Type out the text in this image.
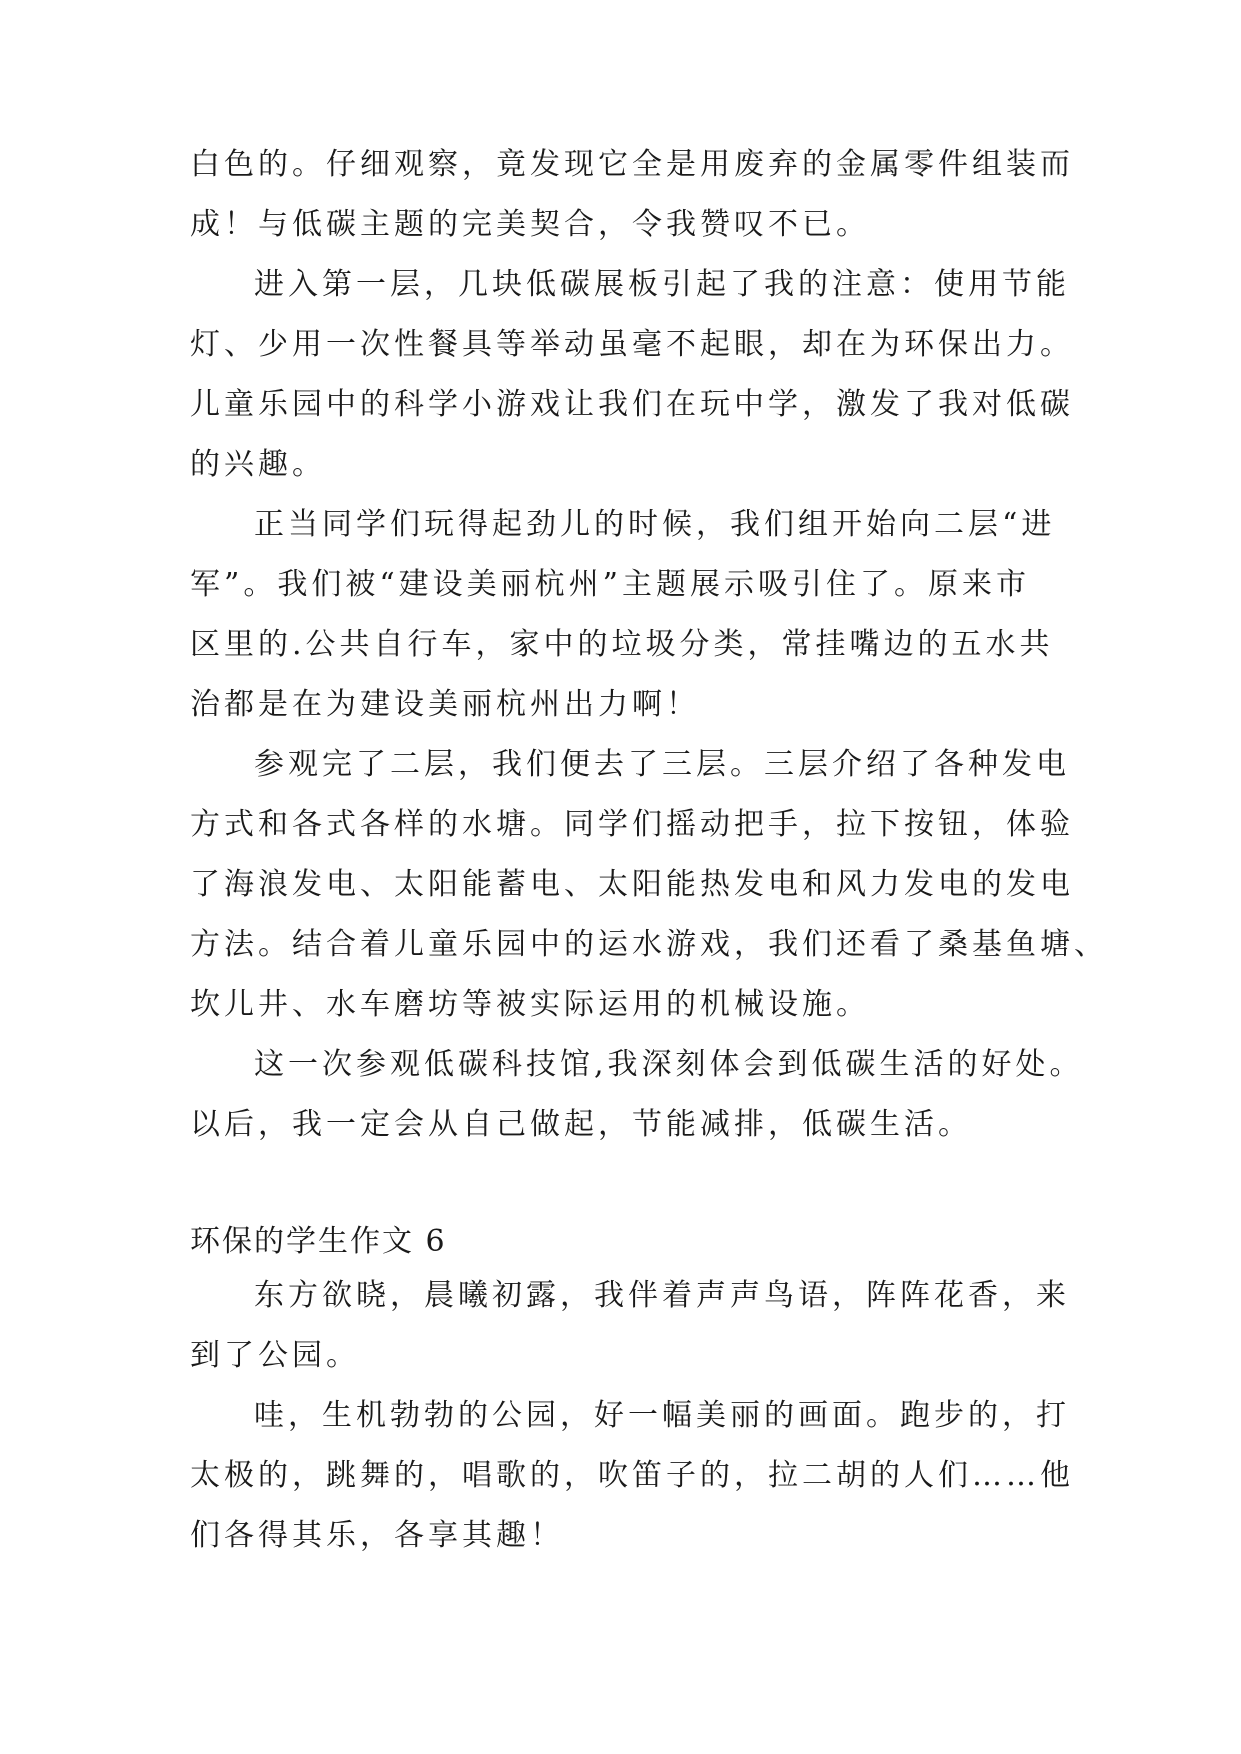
白色的。仔细观察，竟发现它全是用废弃的金属零件组装而
成！与低碳主题的完美契合，令我赞叹不已。
进入第一层，几块低碳展板引起了我的注意：使用节能
灯、少用一次性餐具等举动虽毫不起眼，却在为环保出力。
儿童乐园中的科学小游戏让我们在玩中学，激发了我对低碳
的兴趣。
正当同学们玩得起劲儿的时候，我们组开始向二层“进
军”。我们被“建设美丽杭州”主题展示吸引住了。原来市
区里的.公共自行车，家中的垃圾分类，常挂嘴边的五水共
治都是在为建设美丽杭州出力啊！
参观完了二层，我们便去了三层。三层介绍了各种发电
方式和各式各样的水塘。同学们摇动把手，拉下按钮，体验
了海浪发电、太阳能蓄电、太阳能热发电和风力发电的发电
方法。结合着儿童乐园中的运水游戏，我们还看了桑基鱼塘、
坎儿井、水车磨坊等被实际运用的机械设施。
这一次参观低碳科技馆,我深刻体会到低碳生活的好处。
以后，我一定会从自己做起，节能减排，低碳生活。
环保的学生作文 6
东方欲晓，晨曦初露，我伴着声声鸟语，阵阵花香，来
到了公园。
哇，生机勃勃的公园，好一幅美丽的画面。跑步的，打
太极的，跳舞的，唱歌的，吹笛子的，拉二胡的人们……他
们各得其乐，各享其趣！
